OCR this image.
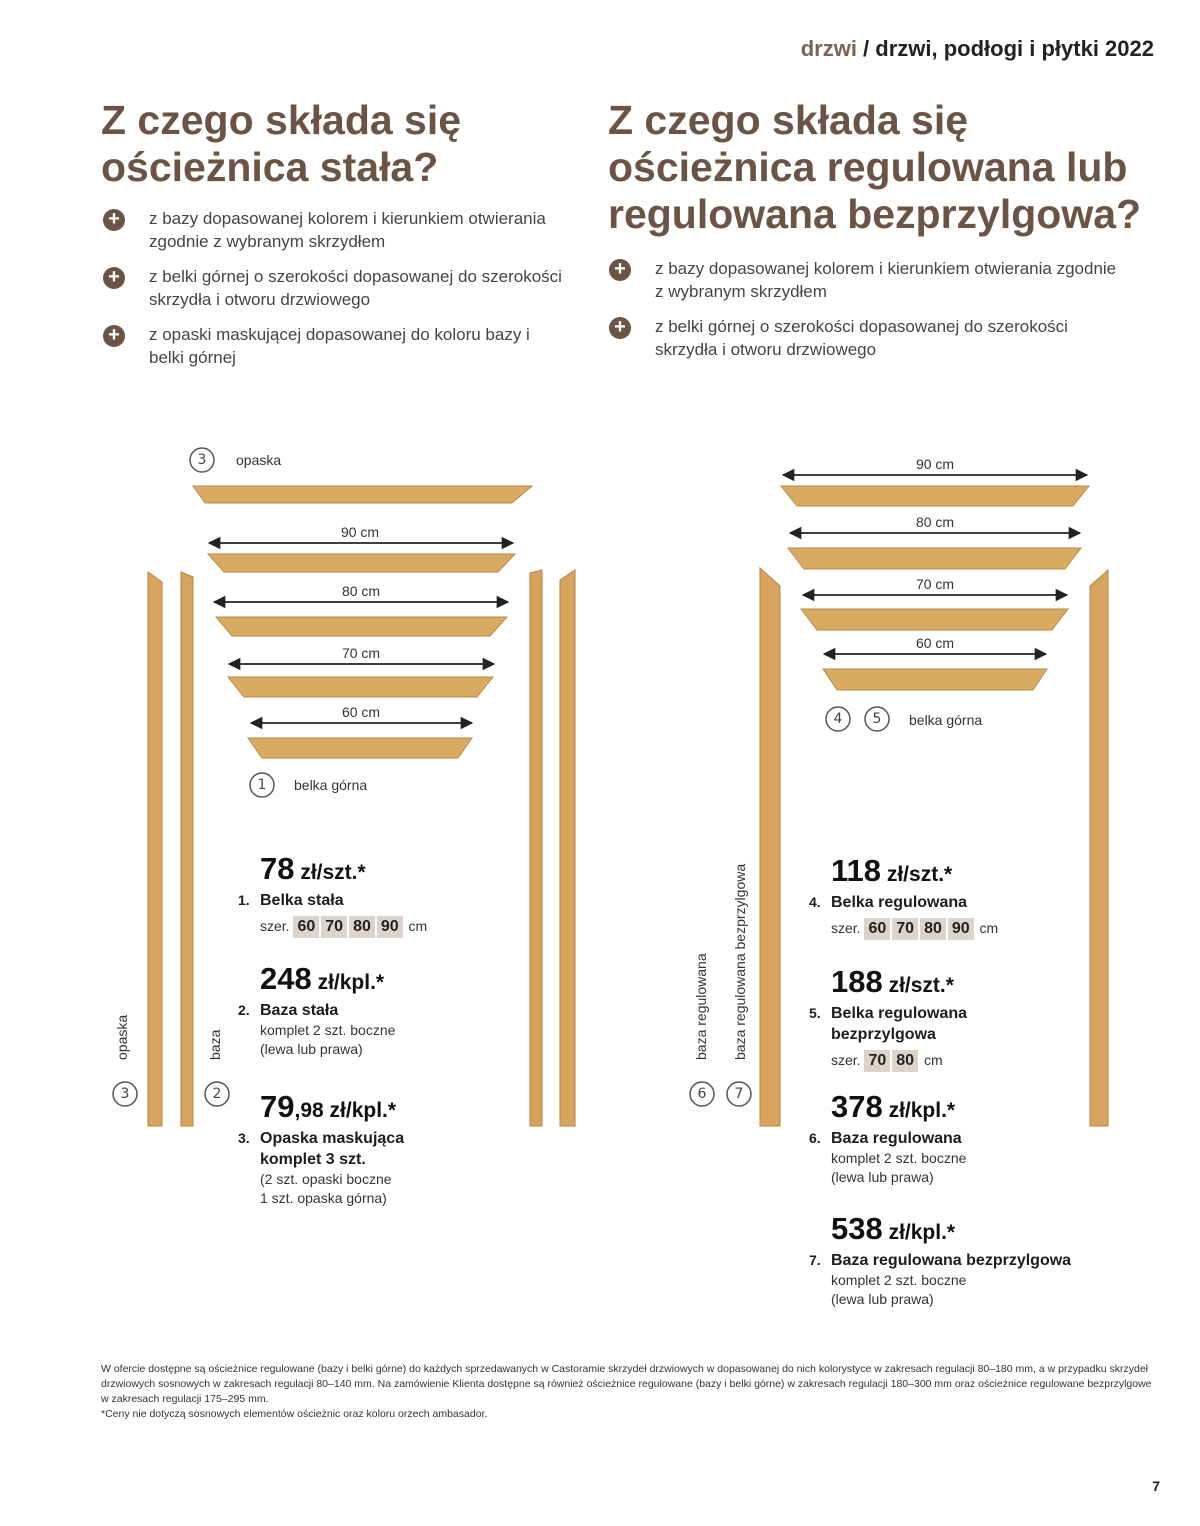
drzwi / drzwi, podłogi i płytki 2022
Z czego składa się
ościeżnica stała?
Z czego składa się
ościeżnica regulowana lub
regulowana bezprzylgowa?
+	z bazy dopasowanej kolorem i kierunkiem otwierania zgodnie z wybranym skrzydłem
+	z belki górnej o szerokości dopasowanej do szerokości skrzydła i otworu drzwiowego
+	z opaski maskującej dopasowanej do koloru bazy i belki górnej
+	z bazy dopasowanej kolorem i kierunkiem otwierania zgodnie z wybranym skrzydłem
+	z belki górnej o szerokości dopasowanej do szerokości skrzydła i otworu drzwiowego
3 opaska
90 cm
80 cm
70 cm
60 cm
1 belka górna
opaska	baza
3	2
90 cm
80 cm
70 cm
60 cm
4 5 belka górna
baza regulowana baza regulowana bezprzylgowa
6 7
78 zł/szt.*
1. Belka stała
szer. 60 70 80 90 cm
248 zł/kpl.*
2. Baza stała
komplet 2 szt. boczne
(lewa lub prawa)
79,98 zł/kpl.*
3. Opaska maskująca
komplet 3 szt.
(2 szt. opaski boczne
1 szt. opaska górna)
118 zł/szt.*
4. Belka regulowana
szer. 60 70 80 90 cm
188 zł/szt.*
5. Belka regulowana
bezprzylgowa
szer. 70 80 cm
378 zł/kpl.*
6. Baza regulowana
komplet 2 szt. boczne
(lewa lub prawa)
538 zł/kpl.*
7. Baza regulowana bezprzylgowa
komplet 2 szt. boczne
(lewa lub prawa)
W ofercie dostępne są ościeżnice regulowane (bazy i belki górne) do każdych sprzedawanych w Castoramie skrzydeł drzwiowych w dopasowanej do nich kolorystyce w zakresach regulacji 80–180 mm, a w przypadku skrzydeł drzwiowych sosnowych w zakresach regulacji 80–140 mm. Na zamówienie Klienta dostępne są również ościeżnice regulowane (bazy i belki górne) w zakresach regulacji 180–300 mm oraz ościeżnice regulowane bezprzylgowe w zakresach regulacji 175–295 mm.
*Ceny nie dotyczą sosnowych elementów ościeżnic oraz koloru orzech ambasador.
7
